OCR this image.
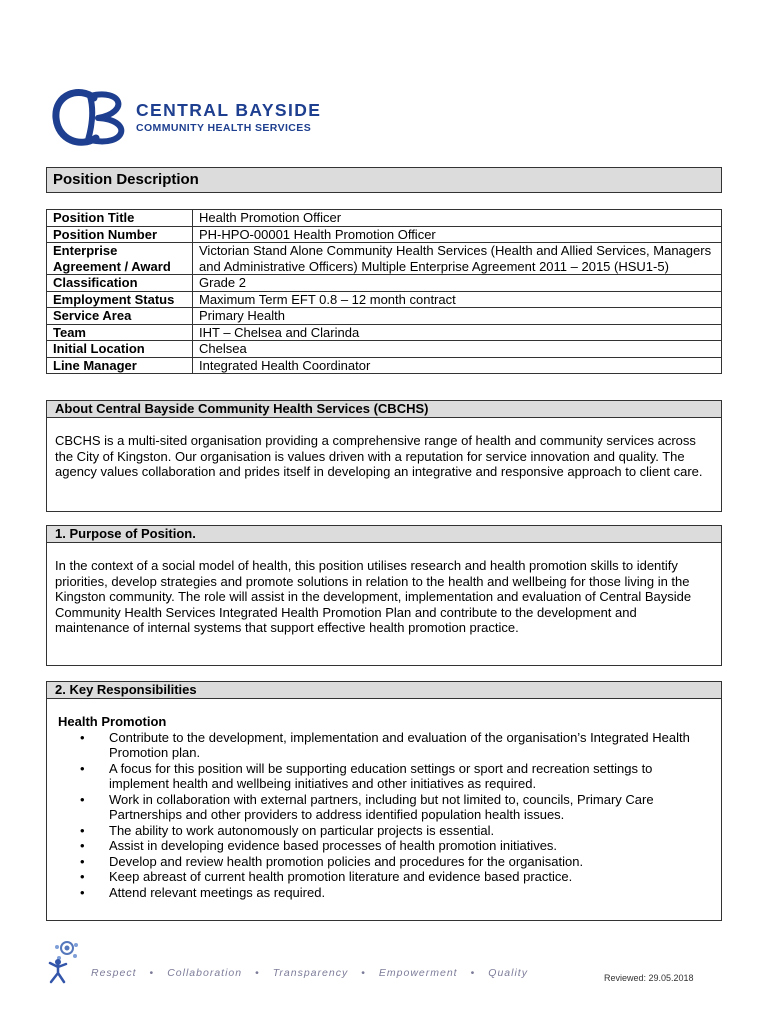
CENTRAL BAYSIDE
COMMUNITY HEALTH SERVICES
Position Description
Position Title	Health Promotion Officer
Position Number	PH-HPO-00001 Health Promotion Officer
Enterprise Agreement / Award	Victorian Stand Alone Community Health Services (Health and Allied Services, Managers and Administrative Officers) Multiple Enterprise Agreement 2011 – 2015 (HSU1-5)
Classification	Grade 2
Employment Status	Maximum Term EFT 0.8 – 12 month contract
Service Area	Primary Health
Team	IHT – Chelsea and Clarinda
Initial Location	Chelsea
Line Manager	Integrated Health Coordinator
About Central Bayside Community Health Services (CBCHS)
CBCHS is a multi-sited organisation providing a comprehensive range of health and community services across the City of Kingston. Our organisation is values driven with a reputation for service innovation and quality. The agency values collaboration and prides itself in developing an integrative and responsive approach to client care.
1. Purpose of Position.
In the context of a social model of health, this position utilises research and health promotion skills to identify priorities, develop strategies and promote solutions in relation to the health and wellbeing for those living in the Kingston community. The role will assist in the development, implementation and evaluation of Central Bayside Community Health Services Integrated Health Promotion Plan and contribute to the development and maintenance of internal systems that support effective health promotion practice.
2. Key Responsibilities
Health Promotion
• Contribute to the development, implementation and evaluation of the organisation’s Integrated Health Promotion plan.
• A focus for this position will be supporting education settings or sport and recreation settings to implement health and wellbeing initiatives and other initiatives as required.
• Work in collaboration with external partners, including but not limited to, councils, Primary Care Partnerships and other providers to address identified population health issues.
• The ability to work autonomously on particular projects is essential.
• Assist in developing evidence based processes of health promotion initiatives.
• Develop and review health promotion policies and procedures for the organisation.
• Keep abreast of current health promotion literature and evidence based practice.
• Attend relevant meetings as required.
Respect • Collaboration • Transparency • Empowerment • Quality	Reviewed: 29.05.2018
